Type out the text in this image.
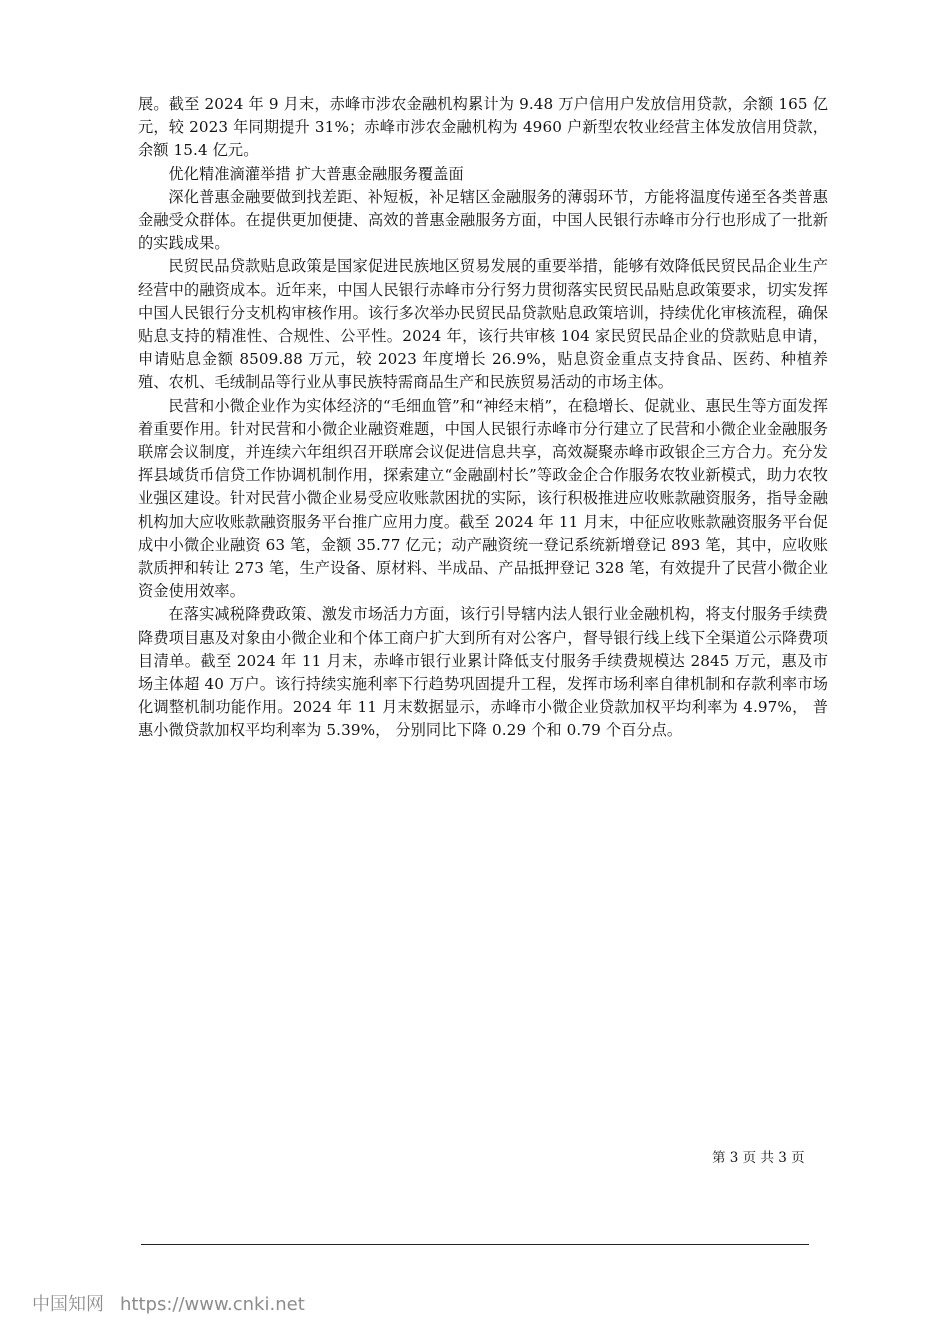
展。截至 2024 年 9 月末，赤峰市涉农金融机构累计为 9.48 万户信用户发放信用贷款，余额 165 亿元，较 2023 年同期提升 31%；赤峰市涉农金融机构为 4960 户新型农牧业经营主体发放信用贷款，余额 15.4 亿元。

优化精准滴灌举措 扩大普惠金融服务覆盖面

深化普惠金融要做到找差距、补短板，补足辖区金融服务的薄弱环节，方能将温度传递至各类普惠金融受众群体。在提供更加便捷、高效的普惠金融服务方面，中国人民银行赤峰市分行也形成了一批新的实践成果。

民贸民品贷款贴息政策是国家促进民族地区贸易发展的重要举措，能够有效降低民贸民品企业生产经营中的融资成本。近年来，中国人民银行赤峰市分行努力贯彻落实民贸民品贴息政策要求，切实发挥中国人民银行分支机构审核作用。该行多次举办民贸民品贷款贴息政策培训，持续优化审核流程，确保贴息支持的精准性、合规性、公平性。2024 年，该行共审核 104 家民贸民品企业的贷款贴息申请，申请贴息金额 8509.88 万元，较 2023 年度增长 26.9%，贴息资金重点支持食品、医药、种植养殖、农机、毛绒制品等行业从事民族特需商品生产和民族贸易活动的市场主体。

民营和小微企业作为实体经济的“毛细血管”和“神经末梢”，在稳增长、促就业、惠民生等方面发挥着重要作用。针对民营和小微企业融资难题，中国人民银行赤峰市分行建立了民营和小微企业金融服务联席会议制度，并连续六年组织召开联席会议促进信息共享，高效凝聚赤峰市政银企三方合力。充分发挥县域货币信贷工作协调机制作用，探索建立“金融副村长”等政金企合作服务农牧业新模式，助力农牧业强区建设。针对民营小微企业易受应收账款困扰的实际，该行积极推进应收账款融资服务，指导金融机构加大应收账款融资服务平台推广应用力度。截至 2024 年 11 月末，中征应收账款融资服务平台促成中小微企业融资 63 笔，金额 35.77 亿元；动产融资统一登记系统新增登记 893 笔，其中，应收账款质押和转让 273 笔，生产设备、原材料、半成品、产品抵押登记 328 笔，有效提升了民营小微企业资金使用效率。

在落实减税降费政策、激发市场活力方面，该行引导辖内法人银行业金融机构，将支付服务手续费降费项目惠及对象由小微企业和个体工商户扩大到所有对公客户，督导银行线上线下全渠道公示降费项目清单。截至 2024 年 11 月末，赤峰市银行业累计降低支付服务手续费规模达 2845 万元，惠及市场主体超 40 万户。该行持续实施利率下行趋势巩固提升工程，发挥市场利率自律机制和存款利率市场化调整机制功能作用。2024 年 11 月末数据显示，赤峰市小微企业贷款加权平均利率为 4.97%， 普惠小微贷款加权平均利率为 5.39%， 分别同比下降 0.29 个和 0.79 个百分点。

第 3 页 共 3 页
中国知网 https://www.cnki.net
